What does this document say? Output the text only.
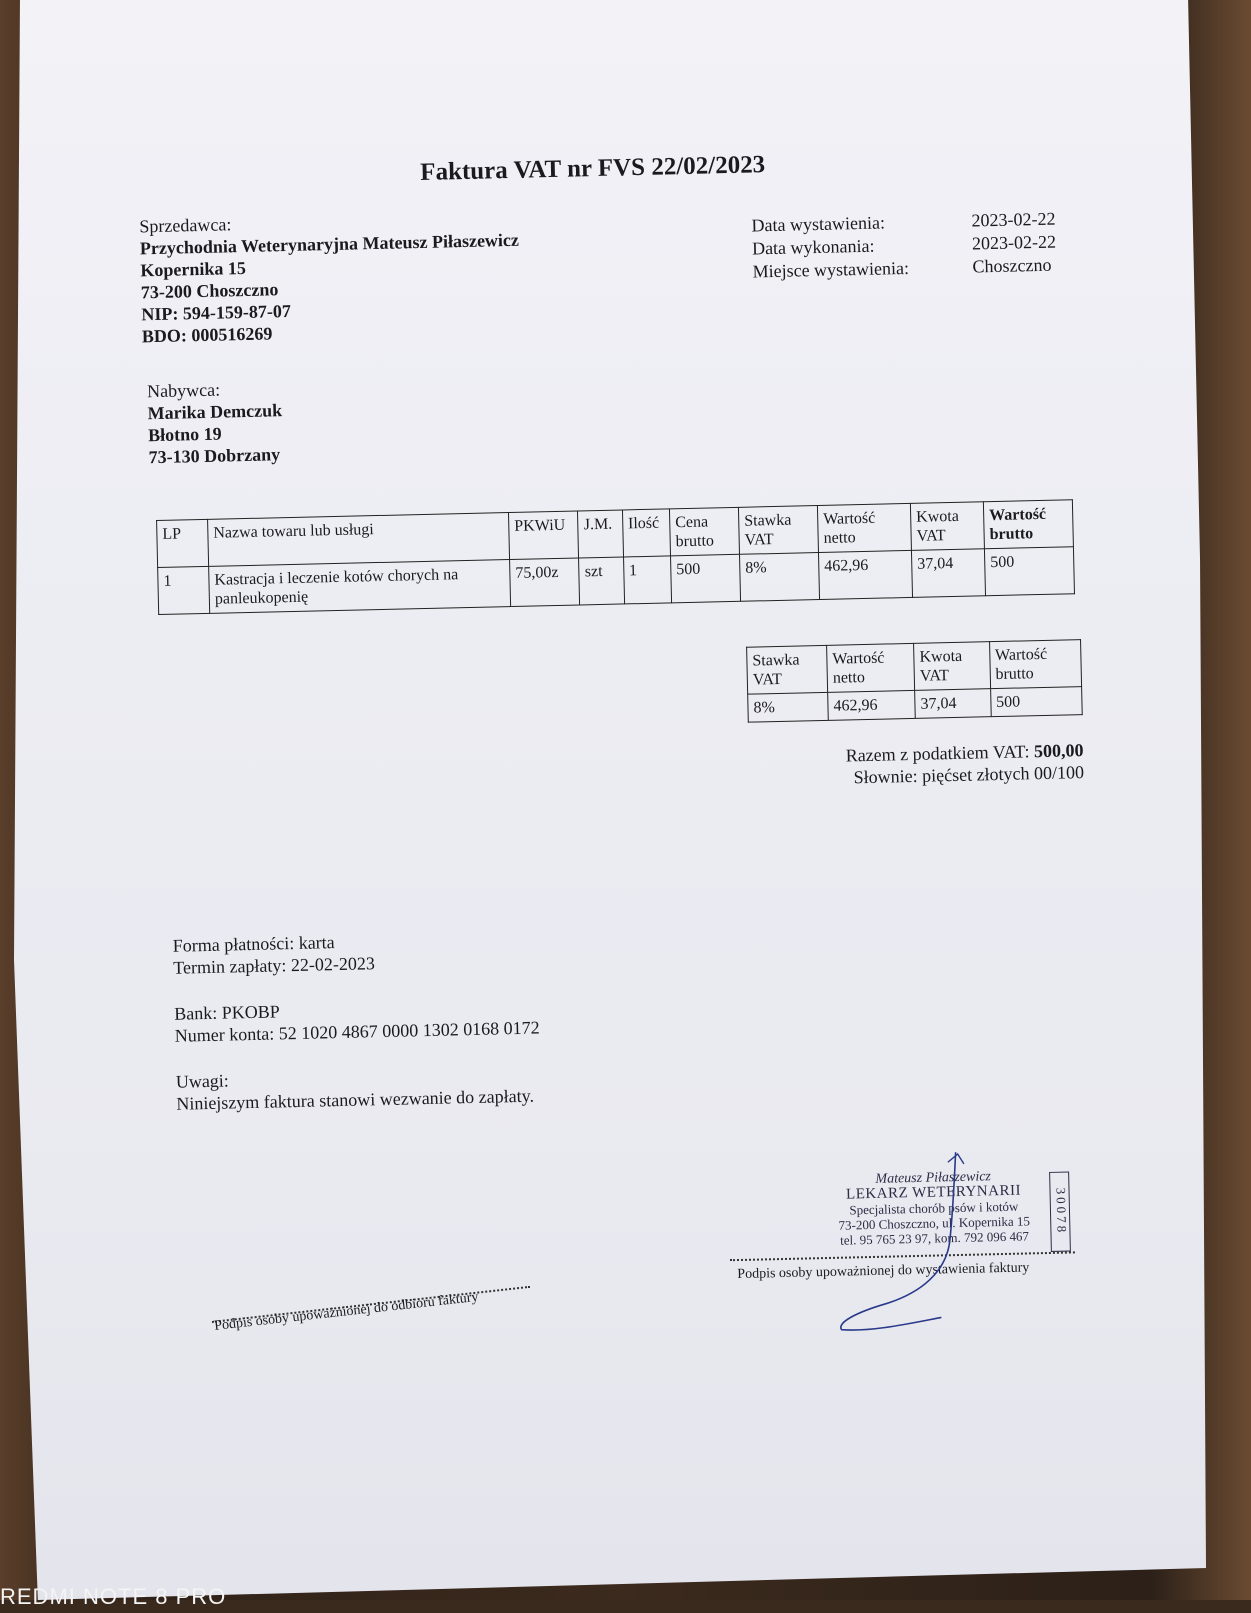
Faktura VAT nr FVS 22/02/2023
Sprzedawca:
Przychodnia Weterynaryjna Mateusz Piłaszewicz
Kopernika 15
73-200 Choszczno
NIP: 594-159-87-07
BDO: 000516269
Data wystawienia:	2023-02-22
Data wykonania:	2023-02-22
Miejsce wystawienia:	Choszczno
Nabywca:
Marika Demczuk
Błotno 19
73-130 Dobrzany
LP	Nazwa towaru lub usługi	PKWiU	J.M.	Ilość	Cena brutto	Stawka VAT	Wartość netto	Kwota VAT	Wartość brutto
1	Kastracja i leczenie kotów chorych na panleukopenię	75,00z	szt	1	500	8%	462,96	37,04	500
Stawka VAT	Wartość netto	Kwota VAT	Wartość brutto
8%	462,96	37,04	500
Razem z podatkiem VAT: 500,00
Słownie: pięćset złotych 00/100
Forma płatności: karta
Termin zapłaty: 22-02-2023
Bank: PKOBP
Numer konta: 52 1020 4867 0000 1302 0168 0172
Uwagi:
Niniejszym faktura stanowi wezwanie do zapłaty.
Podpis osoby upoważnionej do odbioru faktury
Podpis osoby upoważnionej do wystawienia faktury
Mateusz Piłaszewicz
LEKARZ WETERYNARII
Specjalista chorób psów i kotów
73-200 Choszczno, ul. Kopernika 15
tel. 95 765 23 97, kom. 792 096 467
30078
REDMI NOTE 8 PRO
